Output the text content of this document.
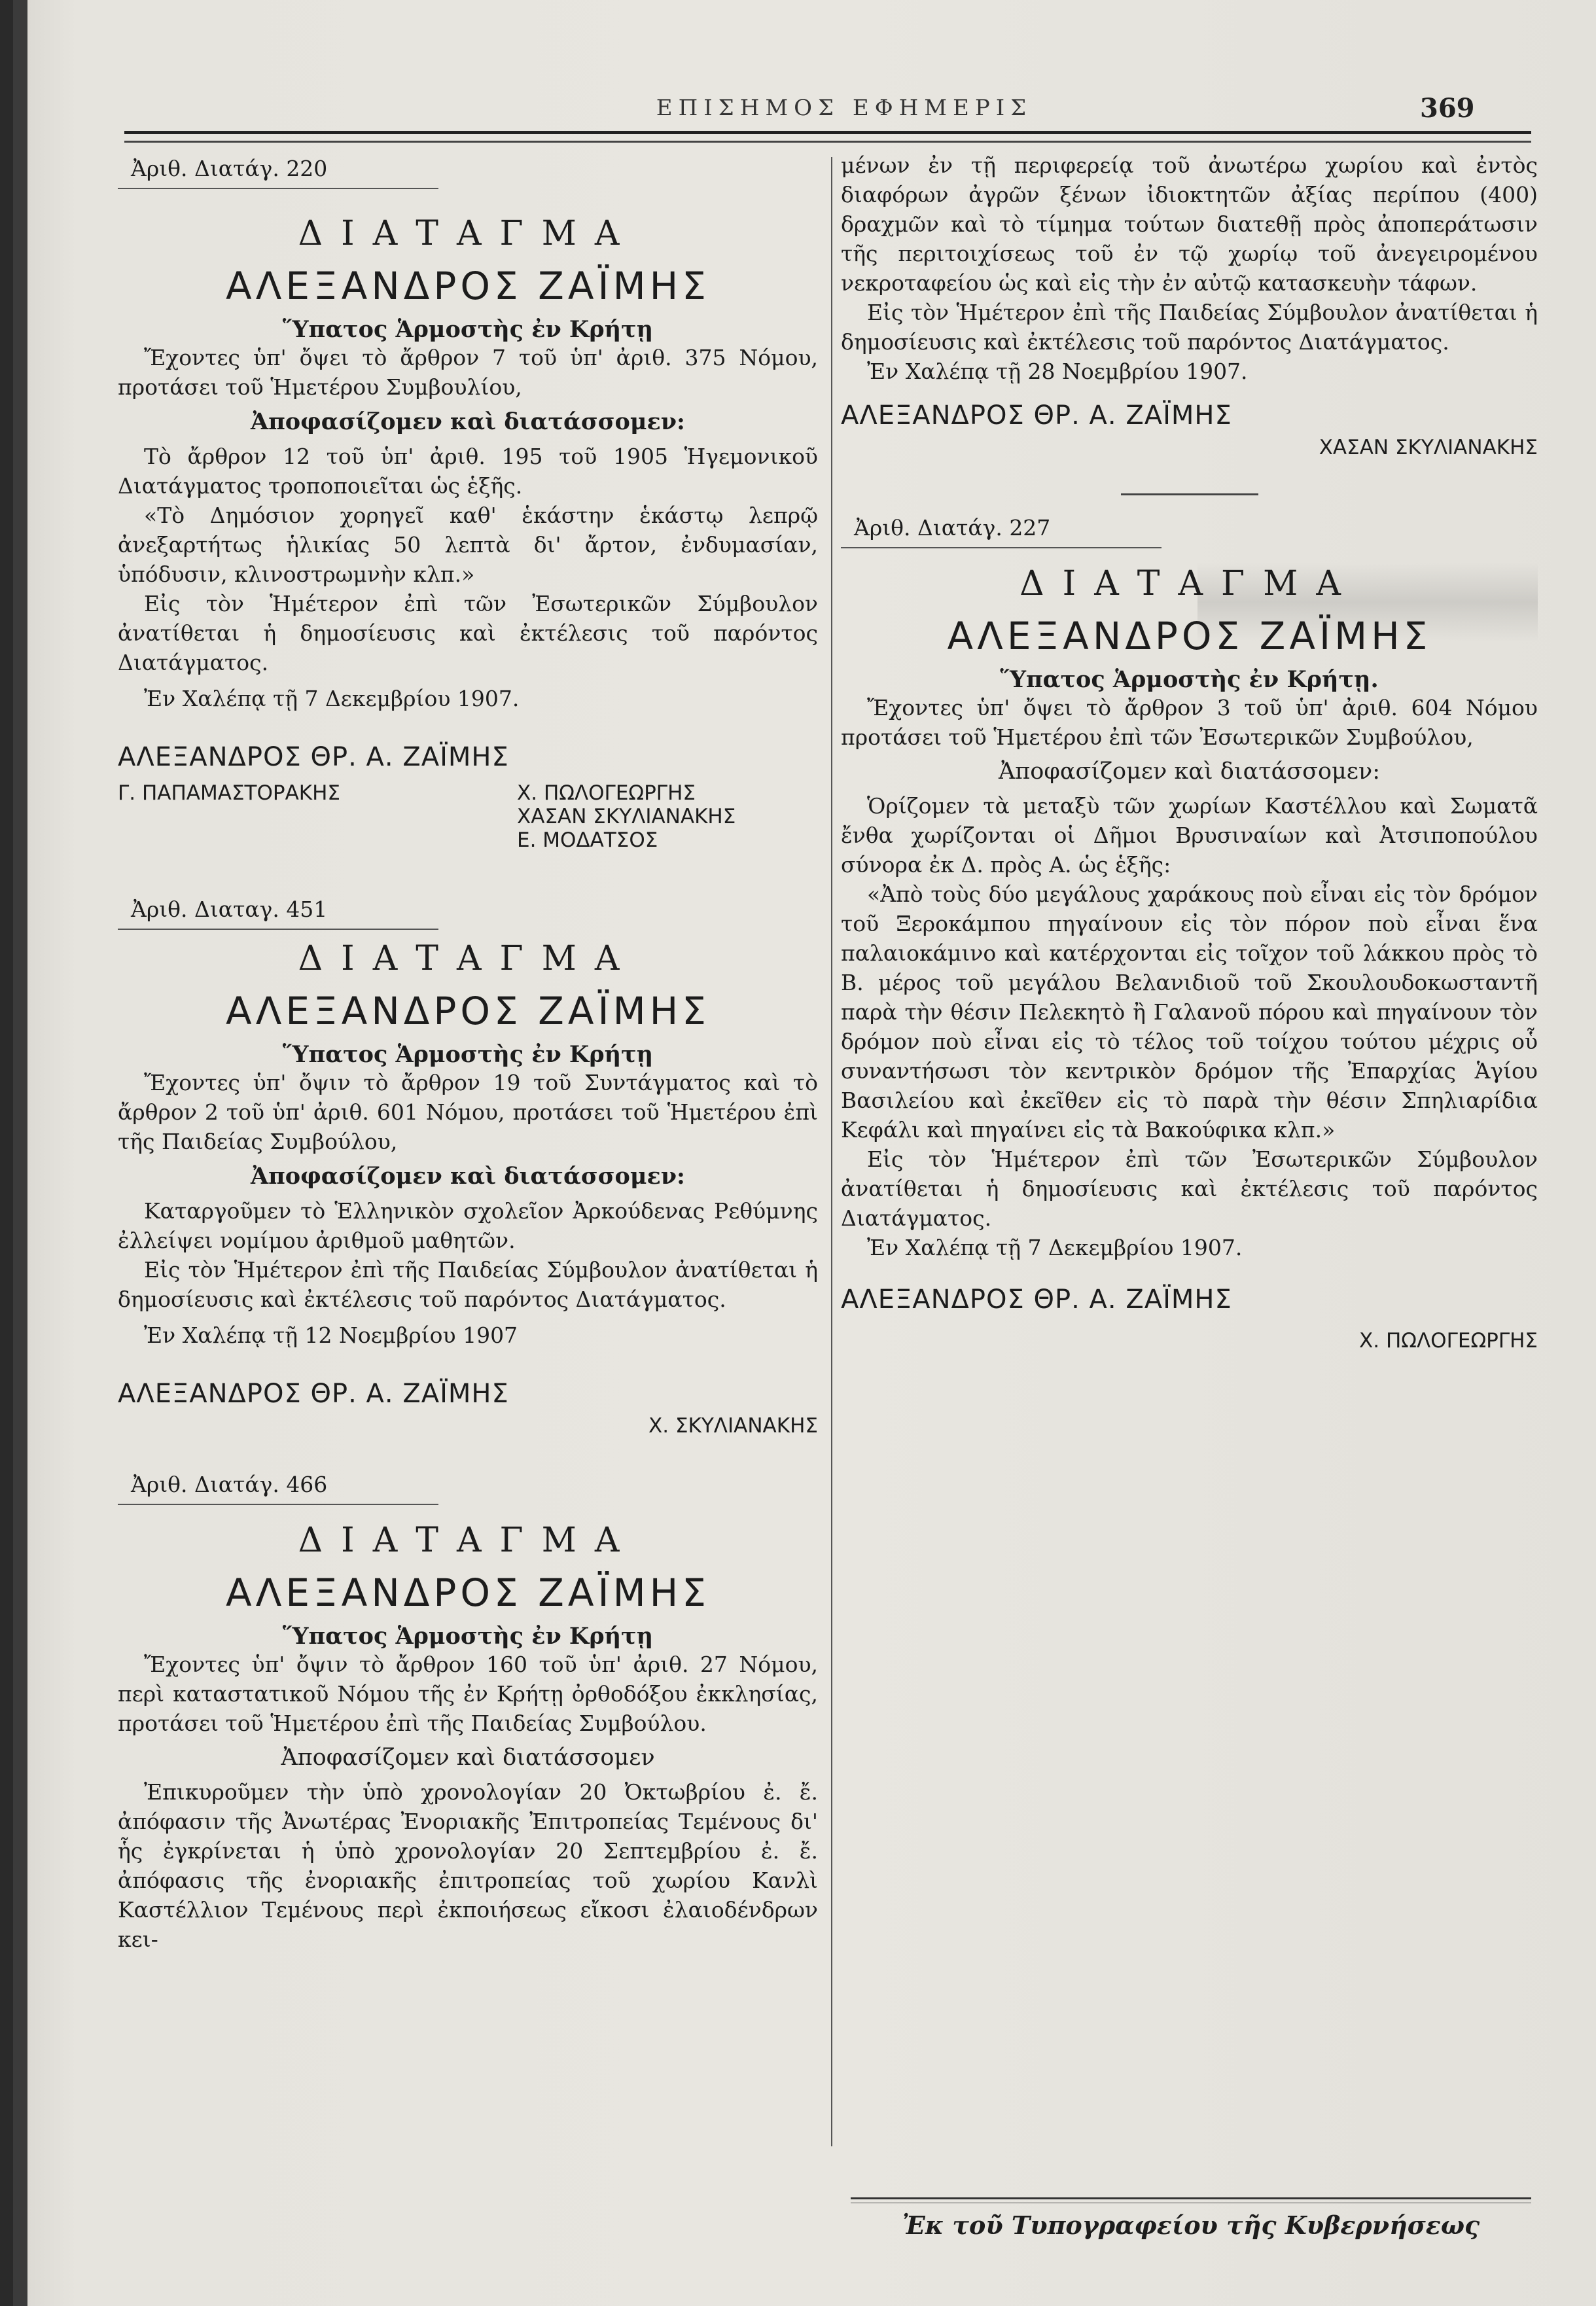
ΕΠΙΣΗΜΟΣ ΕΦΗΜΕΡΙΣ	369
Ἀριθ. Διατάγ. 220
ΔΙΑΤΑΓΜΑ
ΑΛΕΞΑΝΔΡΟΣ ΖΑΪΜΗΣ
Ὕπατος Ἁρμοστὴς ἐν Κρήτῃ

Ἔχοντες ὑπ' ὄψει τὸ ἄρθρον 7 τοῦ ὑπ' ἀριθ. 375 Νόμου, προτάσει τοῦ Ἡμετέρου Συμβουλίου,

Ἀποφασίζομεν καὶ διατάσσομεν:

Τὸ ἄρθρον 12 τοῦ ὑπ' ἀριθ. 195 τοῦ 1905 Ἡγεμονικοῦ Διατάγματος τροποποιεῖται ὡς ἑξῆς.

«Τὸ Δημόσιον χορηγεῖ καθ' ἑκάστην ἑκάστῳ λεπρῷ ἀνεξαρτήτως ἡλικίας 50 λεπτὰ δι' ἄρτον, ἐνδυμασίαν, ὑπόδυσιν, κλινοστρωμνὴν κλπ.»

Εἰς τὸν Ἡμέτερον ἐπὶ τῶν Ἐσωτερικῶν Σύμβουλον ἀνατίθεται ἡ δημοσίευσις καὶ ἐκτέλεσις τοῦ παρόντος Διατάγματος.

Ἐν Χαλέπᾳ τῇ 7 Δεκεμβρίου 1907.

ΑΛΕΞΑΝΔΡΟΣ ΘΡ. Α. ΖΑΪΜΗΣ
Γ. ΠΑΠΑΜΑΣΤΟΡΑΚΗΣ	Χ. ΠΩΛΟΓΕΩΡΓΗΣ
ΧΑΣΑΝ ΣΚΥΛΙΑΝΑΚΗΣ
Ε. ΜΟΔΑΤΣΟΣ
Ἀριθ. Διαταγ. 451
ΔΙΑΤΑΓΜΑ
ΑΛΕΞΑΝΔΡΟΣ ΖΑΪΜΗΣ
Ὕπατος Ἁρμοστὴς ἐν Κρήτῃ

Ἔχοντες ὑπ' ὄψιν τὸ ἄρθρον 19 τοῦ Συντάγματος καὶ τὸ ἄρθρον 2 τοῦ ὑπ' ἀριθ. 601 Νόμου, προτάσει τοῦ Ἡμετέρου ἐπὶ τῆς Παιδείας Συμβούλου,

Ἀποφασίζομεν καὶ διατάσσομεν:

Καταργοῦμεν τὸ Ἑλληνικὸν σχολεῖον Ἀρκούδενας Ρεθύμνης ἐλλείψει νομίμου ἀριθμοῦ μαθητῶν.

Εἰς τὸν Ἡμέτερον ἐπὶ τῆς Παιδείας Σύμβουλον ἀνατίθεται ἡ δημοσίευσις καὶ ἐκτέλεσις τοῦ παρόντος Διατάγματος.

Ἐν Χαλέπᾳ τῇ 12 Νοεμβρίου 1907

ΑΛΕΞΑΝΔΡΟΣ ΘΡ. Α. ΖΑΪΜΗΣ
Χ. ΣΚΥΛΙΑΝΑΚΗΣ
Ἀριθ. Διατάγ. 466
ΔΙΑΤΑΓΜΑ
ΑΛΕΞΑΝΔΡΟΣ ΖΑΪΜΗΣ
Ὕπατος Ἁρμοστὴς ἐν Κρήτῃ

Ἔχοντες ὑπ' ὄψιν τὸ ἄρθρον 160 τοῦ ὑπ' ἀριθ. 27 Νόμου, περὶ καταστατικοῦ Νόμου τῆς ἐν Κρήτῃ ὀρθοδόξου ἐκκλησίας, προτάσει τοῦ Ἡμετέρου ἐπὶ τῆς Παιδείας Συμβούλου.

Ἀποφασίζομεν καὶ διατάσσομεν

Ἐπικυροῦμεν τὴν ὑπὸ χρονολογίαν 20 Ὀκτωβρίου ἐ. ἔ. ἀπόφασιν τῆς Ἀνωτέρας Ἐνοριακῆς Ἐπιτροπείας Τεμένους δι' ἧς ἐγκρίνεται ἡ ὑπὸ χρονολογίαν 20 Σεπτεμβρίου ἐ. ἔ. ἀπόφασις τῆς ἐνοριακῆς ἐπιτροπείας τοῦ χωρίου Κανλὶ Καστέλλιον Τεμένους περὶ ἐκποιήσεως εἴκοσι ἐλαιοδένδρων κει-

μένων ἐν τῇ περιφερείᾳ τοῦ ἀνωτέρω χωρίου καὶ ἐντὸς διαφόρων ἀγρῶν ξένων ἰδιοκτητῶν ἀξίας περίπου (400) δραχμῶν καὶ τὸ τίμημα τούτων διατεθῇ πρὸς ἀποπεράτωσιν τῆς περιτοιχίσεως τοῦ ἐν τῷ χωρίῳ τοῦ ἀνεγειρομένου νεκροταφείου ὡς καὶ εἰς τὴν ἐν αὐτῷ κατασκευὴν τάφων.

Εἰς τὸν Ἡμέτερον ἐπὶ τῆς Παιδείας Σύμβουλον ἀνατίθεται ἡ δημοσίευσις καὶ ἐκτέλεσις τοῦ παρόντος Διατάγματος.

Ἐν Χαλέπᾳ τῇ 28 Νοεμβρίου 1907.

ΑΛΕΞΑΝΔΡΟΣ ΘΡ. Α. ΖΑΪΜΗΣ
ΧΑΣΑΝ ΣΚΥΛΙΑΝΑΚΗΣ
Ἀριθ. Διατάγ. 227
ΔΙΑΤΑΓΜΑ
ΑΛΕΞΑΝΔΡΟΣ ΖΑΪΜΗΣ
Ὕπατος Ἁρμοστὴς ἐν Κρήτῃ.

Ἔχοντες ὑπ' ὄψει τὸ ἄρθρον 3 τοῦ ὑπ' ἀριθ. 604 Νόμου προτάσει τοῦ Ἡμετέρου ἐπὶ τῶν Ἐσωτερικῶν Συμβούλου,

Ἀποφασίζομεν καὶ διατάσσομεν:

Ὁρίζομεν τὰ μεταξὺ τῶν χωρίων Καστέλλου καὶ Σωματᾶ ἔνθα χωρίζονται οἱ Δῆμοι Βρυσιναίων καὶ Ἀτσιποπούλου σύνορα ἐκ Δ. πρὸς Α. ὡς ἑξῆς:

«Ἀπὸ τοὺς δύο μεγάλους χαράκους ποὺ εἶναι εἰς τὸν δρόμον τοῦ Ξεροκάμπου πηγαίνουν εἰς τὸν πόρον ποὺ εἶναι ἕνα παλαιοκάμινο καὶ κατέρχονται εἰς τοῖχον τοῦ λάκκου πρὸς τὸ Β. μέρος τοῦ μεγάλου Βελανιδιοῦ τοῦ Σκουλουδοκωσταντῆ παρὰ τὴν θέσιν Πελεκητὸ ἢ Γαλανοῦ πόρου καὶ πηγαίνουν τὸν δρόμον ποὺ εἶναι εἰς τὸ τέλος τοῦ τοίχου τούτου μέχρις οὗ συναντήσωσι τὸν κεντρικὸν δρόμον τῆς Ἐπαρχίας Ἁγίου Βασιλείου καὶ ἐκεῖθεν εἰς τὸ παρὰ τὴν θέσιν Σπηλιαρίδια Κεφάλι καὶ πηγαίνει εἰς τὰ Βακούφικα κλπ.»

Εἰς τὸν Ἡμέτερον ἐπὶ τῶν Ἐσωτερικῶν Σύμβουλον ἀνατίθεται ἡ δημοσίευσις καὶ ἐκτέλεσις τοῦ παρόντος Διατάγματος.

Ἐν Χαλέπᾳ τῇ 7 Δεκεμβρίου 1907.

ΑΛΕΞΑΝΔΡΟΣ ΘΡ. Α. ΖΑΪΜΗΣ
Χ. ΠΩΛΟΓΕΩΡΓΗΣ
Ἐκ τοῦ Τυπογραφείου τῆς Κυβερνήσεως
